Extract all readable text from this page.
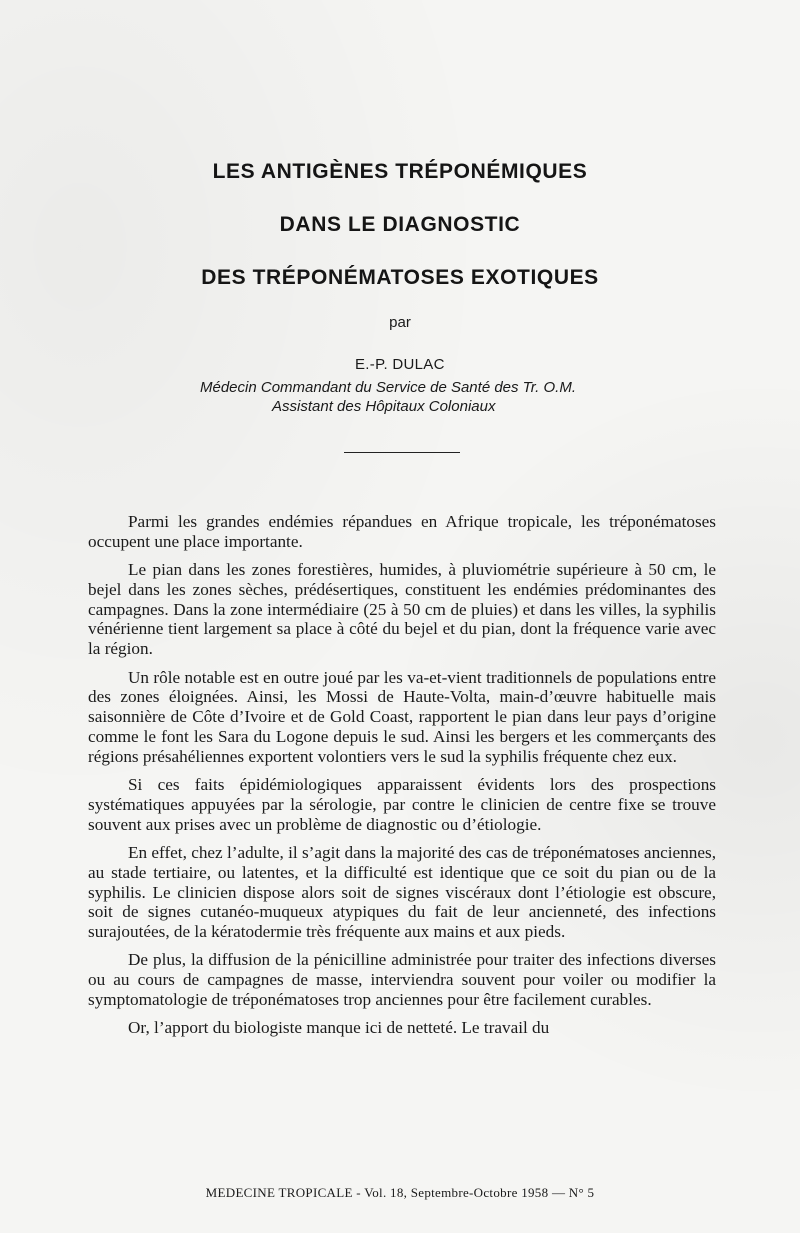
LES ANTIGÈNES TRÉPONÉMIQUES
DANS LE DIAGNOSTIC
DES TRÉPONÉMATOSES EXOTIQUES
par
E.-P. DULAC
Médecin Commandant du Service de Santé des Tr. O.M.
Assistant des Hôpitaux Coloniaux

Parmi les grandes endémies répandues en Afrique tropicale, les tréponématoses occupent une place importante.

Le pian dans les zones forestières, humides, à pluviométrie supérieure à 50 cm, le bejel dans les zones sèches, prédésertiques, constituent les endémies prédominantes des campagnes. Dans la zone intermédiaire (25 à 50 cm de pluies) et dans les villes, la syphilis vénérienne tient largement sa place à côté du bejel et du pian, dont la fréquence varie avec la région.

Un rôle notable est en outre joué par les va-et-vient traditionnels de populations entre des zones éloignées. Ainsi, les Mossi de Haute-Volta, main-d’œuvre habituelle mais saisonnière de Côte d’Ivoire et de Gold Coast, rapportent le pian dans leur pays d’origine comme le font les Sara du Logone depuis le sud. Ainsi les bergers et les commerçants des régions présahéliennes exportent volontiers vers le sud la syphilis fréquente chez eux.

Si ces faits épidémiologiques apparaissent évidents lors des prospections systématiques appuyées par la sérologie, par contre le clinicien de centre fixe se trouve souvent aux prises avec un problème de diagnostic ou d’étiologie.

En effet, chez l’adulte, il s’agit dans la majorité des cas de tréponématoses anciennes, au stade tertiaire, ou latentes, et la difficulté est identique que ce soit du pian ou de la syphilis. Le clinicien dispose alors soit de signes viscéraux dont l’étiologie est obscure, soit de signes cutanéo-muqueux atypiques du fait de leur ancienneté, des infections surajoutées, de la kératodermie très fréquente aux mains et aux pieds.

De plus, la diffusion de la pénicilline administrée pour traiter des infections diverses ou au cours de campagnes de masse, interviendra souvent pour voiler ou modifier la symptomatologie de tréponématoses trop anciennes pour être facilement curables.

Or, l’apport du biologiste manque ici de netteté. Le travail du

MEDECINE TROPICALE - Vol. 18, Septembre-Octobre 1958 — N° 5
